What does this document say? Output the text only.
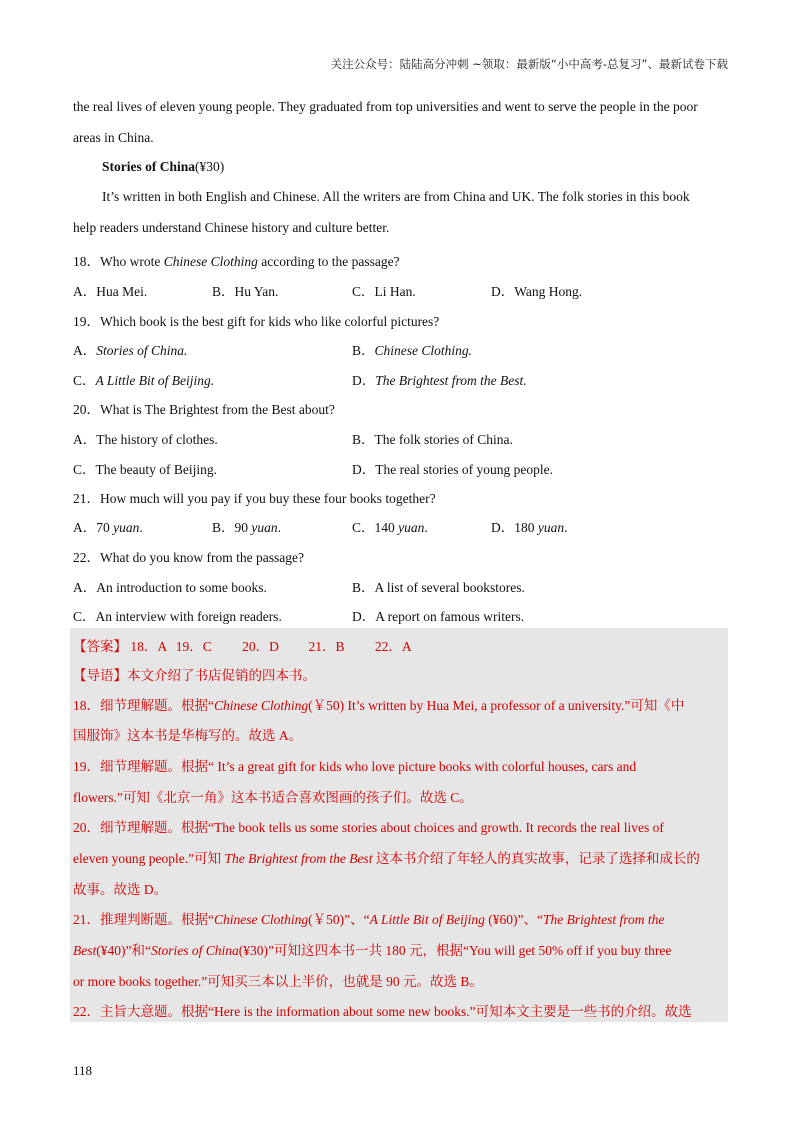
关注公众号：陆陆高分冲刺 ~领取：最新版“小中高考-总复习”、最新试卷下载
the real lives of eleven young people. They graduated from top universities and went to serve the people in the poor
areas in China.
Stories of China(¥30)
It’s written in both English and Chinese. All the writers are from China and UK. The folk stories in this book
help readers understand Chinese history and culture better.
18．Who wrote Chinese Clothing according to the passage?
A．Hua Mei.	B．Hu Yan.	C．Li Han.	D．Wang Hong.
19．Which book is the best gift for kids who like colorful pictures?
A．Stories of China.	B．Chinese Clothing.
C．A Little Bit of Beijing.	D．The Brightest from the Best.
20．What is The Brightest from the Best about?
A．The history of clothes.	B．The folk stories of China.
C．The beauty of Beijing.	D．The real stories of young people.
21．How much will you pay if you buy these four books together?
A．70 yuan.	B．90 yuan.	C．140 yuan.	D．180 yuan.
22．What do you know from the passage?
A．An introduction to some books.	B．A list of several bookstores.
C．An interview with foreign readers.	D．A report on famous writers.
【答案】 18．A 19．C 20．D 21．B 22．A
【导语】本文介绍了书店促销的四本书。
18．细节理解题。根据“Chinese Clothing(￥50) It’s written by Hua Mei, a professor of a university.”可知《中
国服饰》这本书是华梅写的。故选 A。
19．细节理解题。根据“ It’s a great gift for kids who love picture books with colorful houses, cars and
flowers.”可知《北京一角》这本书适合喜欢图画的孩子们。故选 C。
20．细节理解题。根据“The book tells us some stories about choices and growth. It records the real lives of
eleven young people.”可知 The Brightest from the Best 这本书介绍了年轻人的真实故事，记录了选择和成长的
故事。故选 D。
21．推理判断题。根据“Chinese Clothing(￥50)”、“A Little Bit of Beijing (¥60)”、“The Brightest from the
Best(¥40)”和“Stories of China(¥30)”可知这四本书一共 180 元，根据“You will get 50% off if you buy three
or more books together.”可知买三本以上半价，也就是 90 元。故选 B。
22．主旨大意题。根据“Here is the information about some new books.”可知本文主要是一些书的介绍。故选
118
